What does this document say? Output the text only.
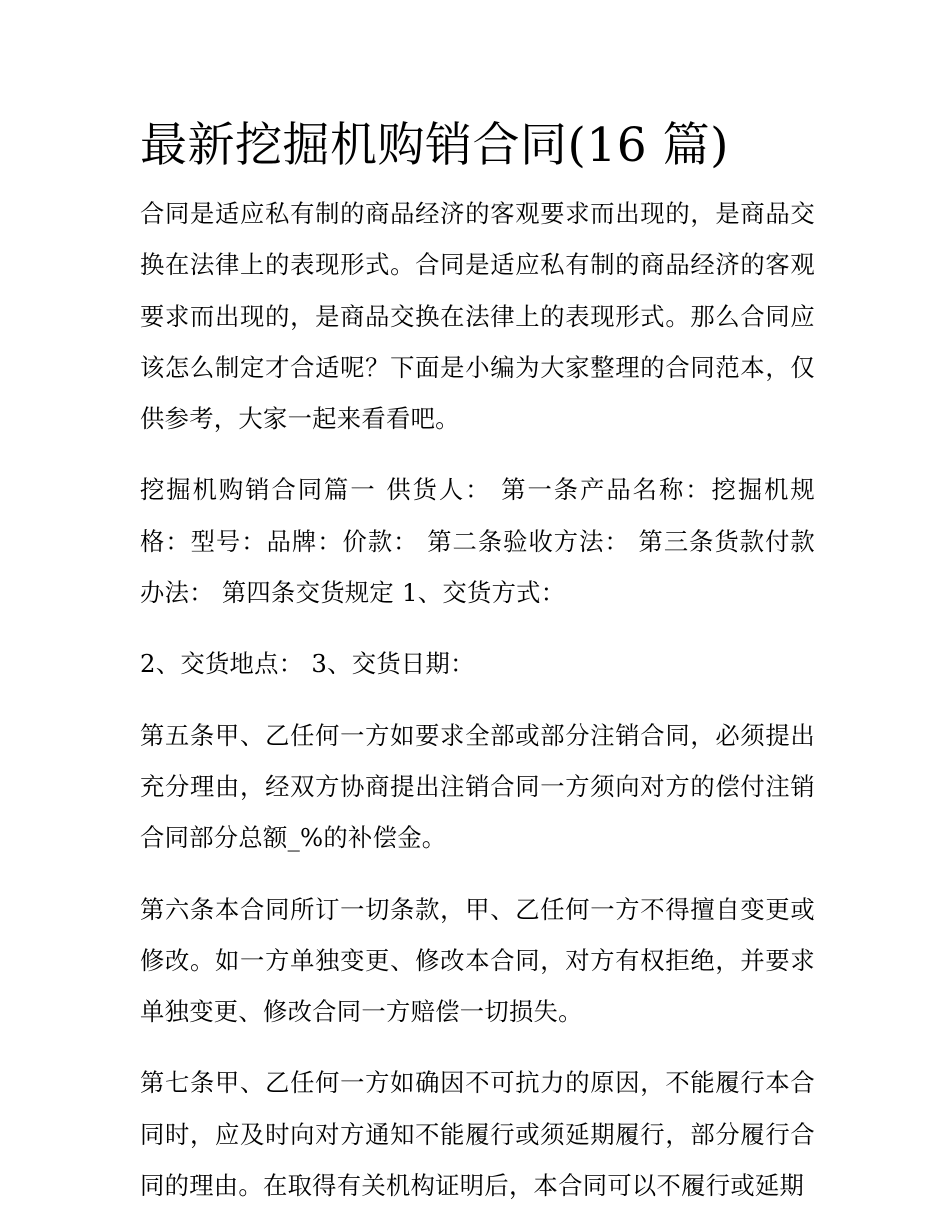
最新挖掘机购销合同(16 篇)

合同是适应私有制的商品经济的客观要求而出现的，是商品交换在法律上的表现形式。合同是适应私有制的商品经济的客观要求而出现的，是商品交换在法律上的表现形式。那么合同应该怎么制定才合适呢？下面是小编为大家整理的合同范本，仅供参考，大家一起来看看吧。

挖掘机购销合同篇一 供货人： 第一条产品名称：挖掘机规格：型号：品牌：价款： 第二条验收方法： 第三条货款付款办法： 第四条交货规定 1、交货方式：

2、交货地点： 3、交货日期：

第五条甲、乙任何一方如要求全部或部分注销合同，必须提出充分理由，经双方协商提出注销合同一方须向对方的偿付注销合同部分总额_%的补偿金。

第六条本合同所订一切条款，甲、乙任何一方不得擅自变更或修改。如一方单独变更、修改本合同，对方有权拒绝，并要求单独变更、修改合同一方赔偿一切损失。

第七条甲、乙任何一方如确因不可抗力的原因，不能履行本合同时，应及时向对方通知不能履行或须延期履行，部分履行合同的理由。在取得有关机构证明后，本合同可以不履行或延期
